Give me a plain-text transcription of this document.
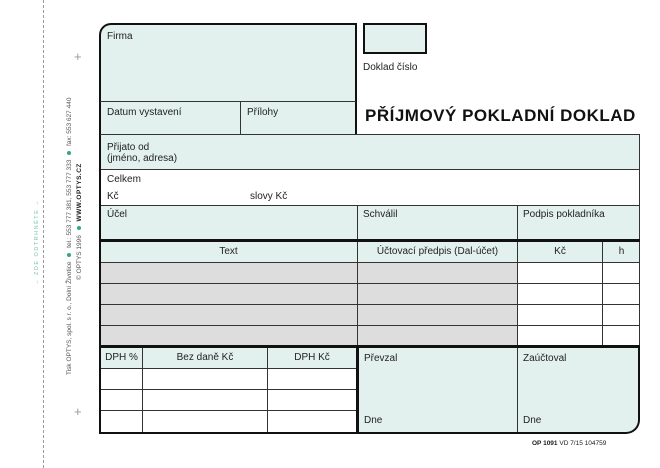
+
+
→ ZDE ODTRHNĚTE →
Tisk OPTYS, spol. s r. o., Dolní Životice  tel.: 553 777 381, 553 777 333  fax: 553 627 440
© OPTYS 1996  WWW.OPTYS.CZ
Firma
Datum vystavení	Přílohy
Doklad číslo
PŘÍJMOVÝ POKLADNÍ DOKLAD
Přijato od
(jméno, adresa)
Celkem
Kč	slovy Kč
Účel	Schválil	Podpis pokladníka
Text	Účtovací předpis (Dal-účet)	Kč	h
DPH %	Bez daně Kč	DPH Kč	Převzal	Zaúčtoval
Dne	Dne
OP 1091 VD 7/15 104759
